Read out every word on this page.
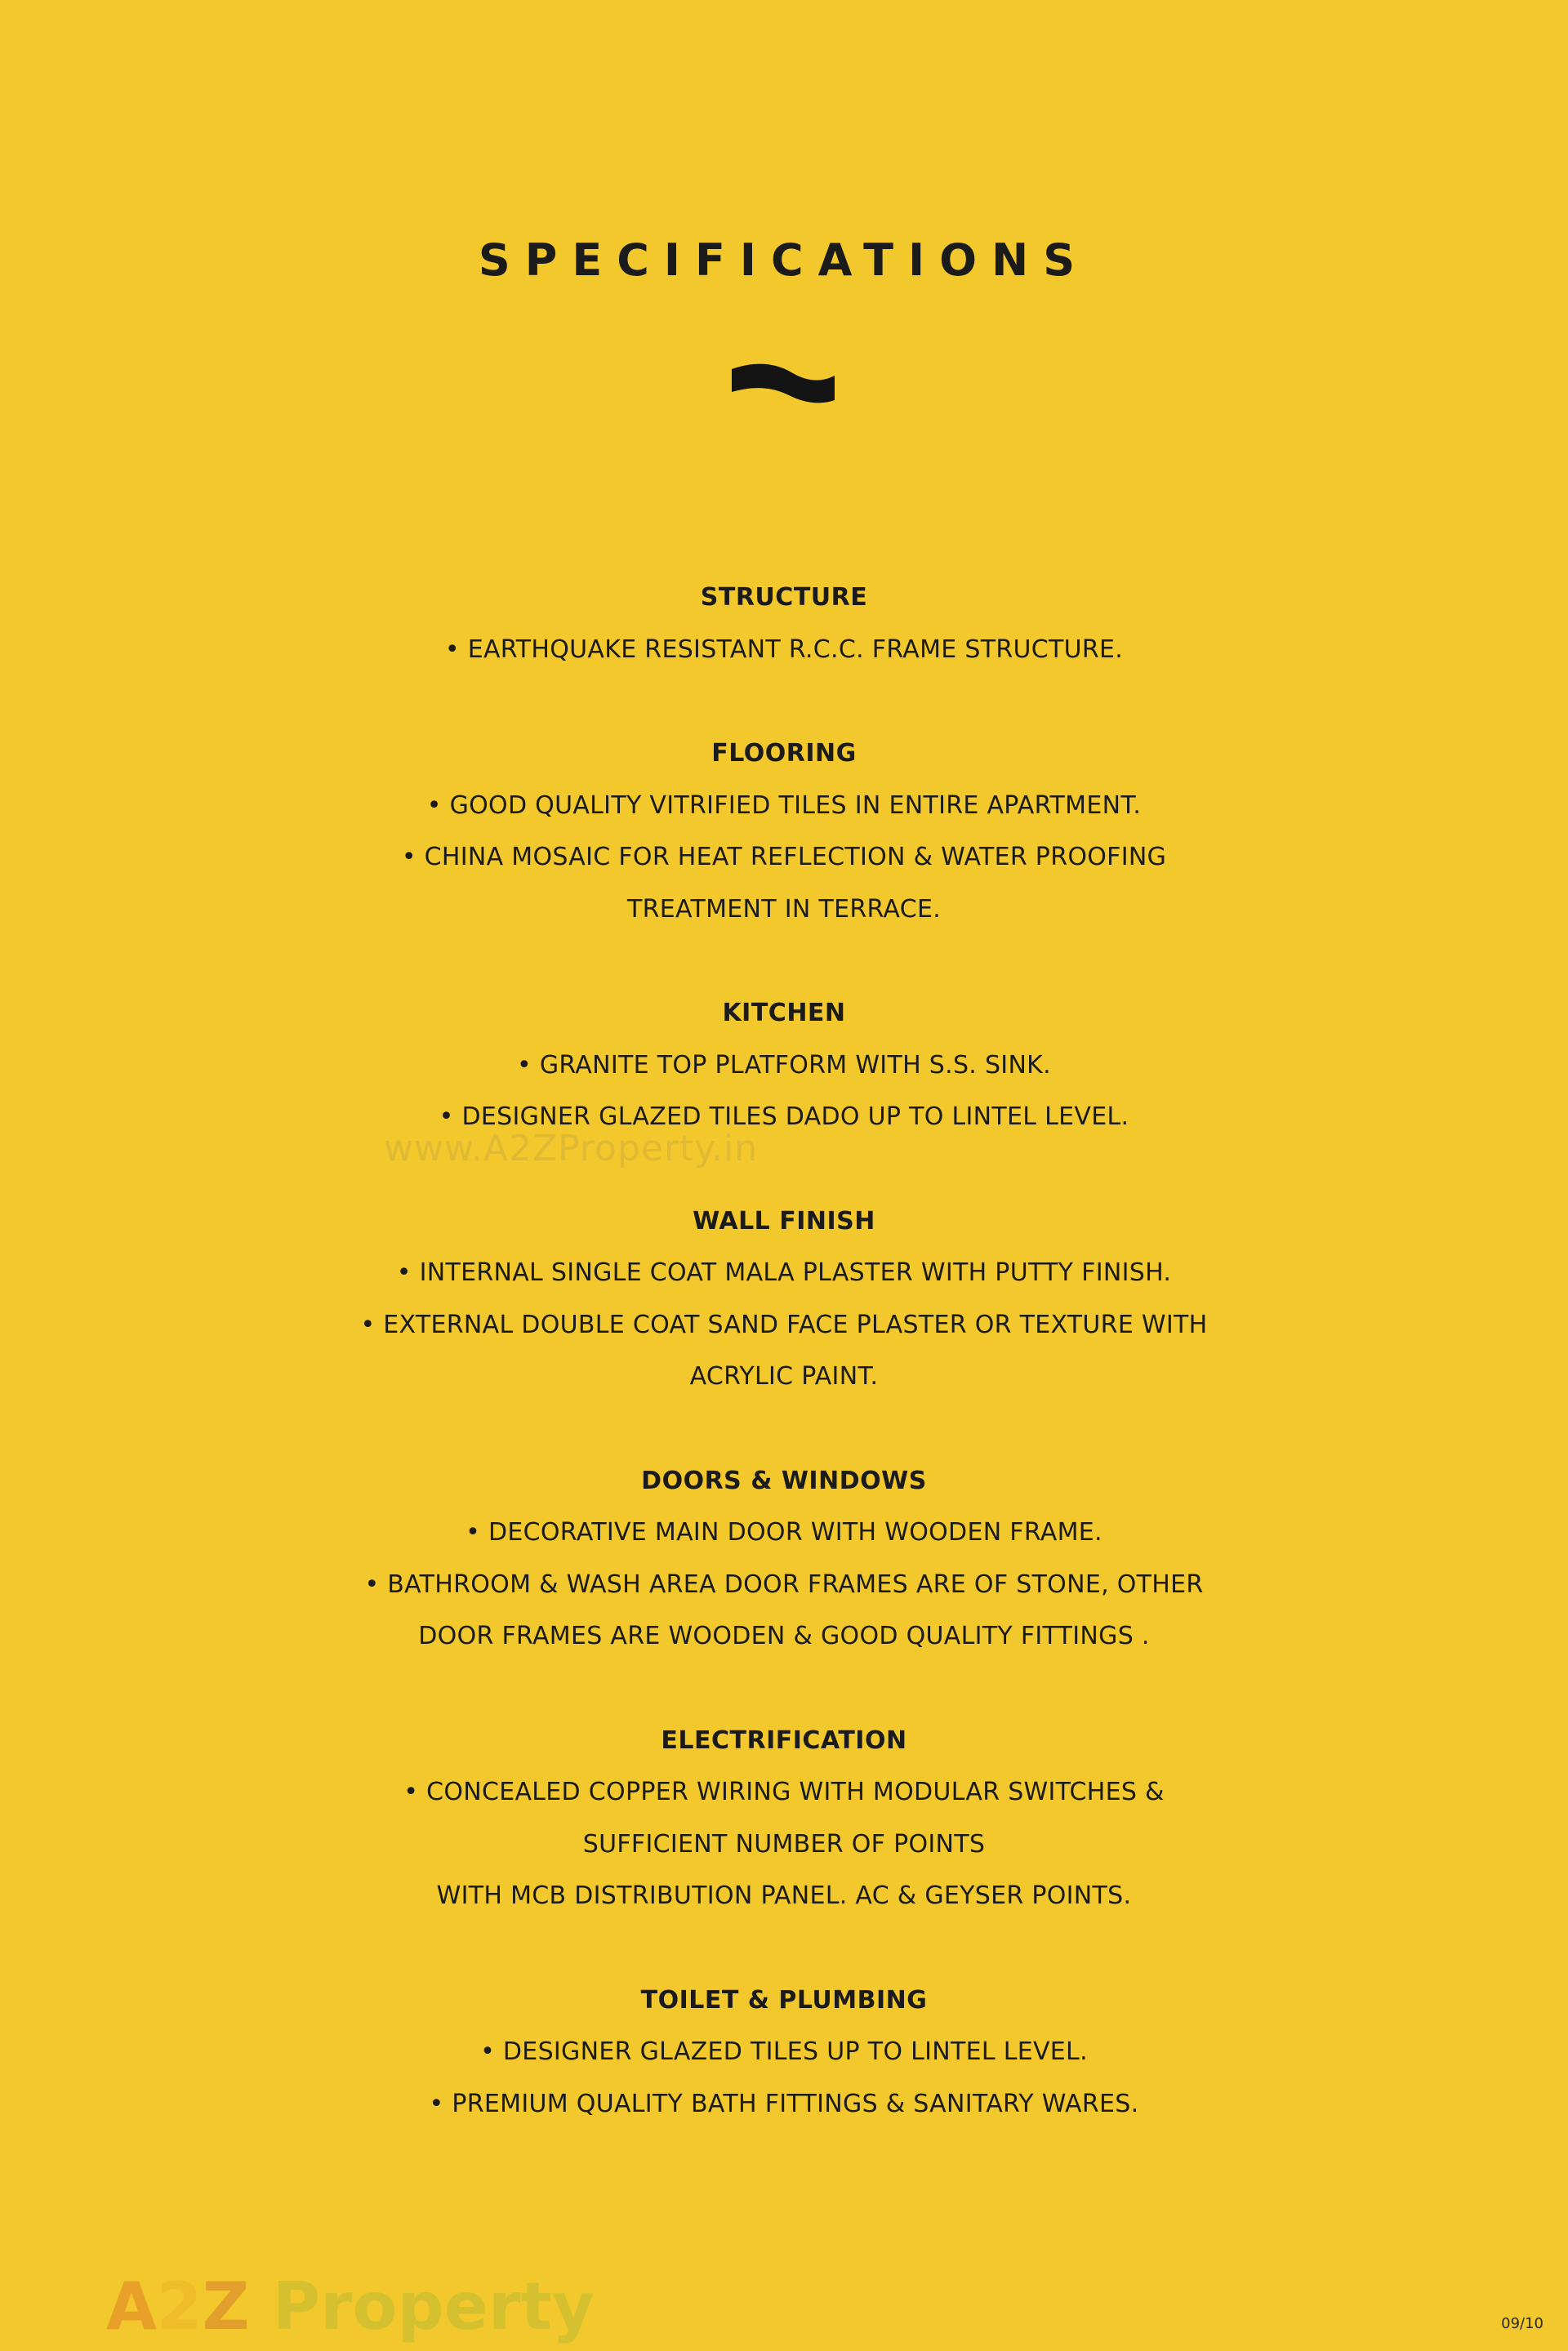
SPECIFICATIONS

STRUCTURE

• EARTHQUAKE RESISTANT R.C.C. FRAME STRUCTURE.

FLOORING

• GOOD QUALITY VITRIFIED TILES IN ENTIRE APARTMENT.

• CHINA MOSAIC FOR HEAT REFLECTION & WATER PROOFING

TREATMENT IN TERRACE.

KITCHEN

• GRANITE TOP PLATFORM WITH S.S. SINK.

• DESIGNER GLAZED TILES DADO UP TO LINTEL LEVEL.

WALL FINISH

• INTERNAL SINGLE COAT MALA PLASTER WITH PUTTY FINISH.

• EXTERNAL DOUBLE COAT SAND FACE PLASTER OR TEXTURE WITH

ACRYLIC PAINT.

DOORS & WINDOWS

• DECORATIVE MAIN DOOR WITH WOODEN FRAME.

• BATHROOM & WASH AREA DOOR FRAMES ARE OF STONE, OTHER

DOOR FRAMES ARE WOODEN & GOOD QUALITY FITTINGS .

ELECTRIFICATION

• CONCEALED COPPER WIRING WITH MODULAR SWITCHES &

SUFFICIENT NUMBER OF POINTS

WITH MCB DISTRIBUTION PANEL. AC & GEYSER POINTS.

TOILET & PLUMBING

• DESIGNER GLAZED TILES UP TO LINTEL LEVEL.

• PREMIUM QUALITY BATH FITTINGS & SANITARY WARES.

www.A2ZProperty.in
A2Z Property	09/10
